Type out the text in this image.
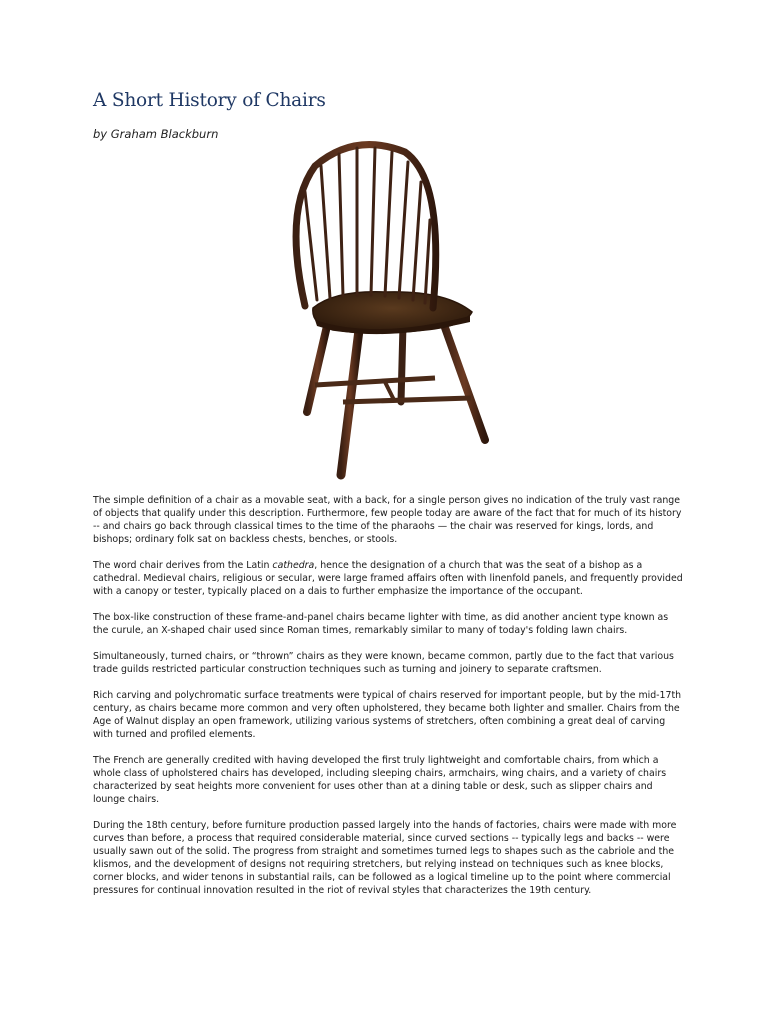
A Short History of Chairs

by Graham Blackburn

The simple definition of a chair as a movable seat, with a back, for a single person gives no indication of the truly vast range of objects that qualify under this description. Furthermore, few people today are aware of the fact that for much of its history -- and chairs go back through classical times to the time of the pharaohs — the chair was reserved for kings, lords, and bishops; ordinary folk sat on backless chests, benches, or stools.

The word chair derives from the Latin cathedra, hence the designation of a church that was the seat of a bishop as a cathedral. Medieval chairs, religious or secular, were large framed affairs often with linenfold panels, and frequently provided with a canopy or tester, typically placed on a dais to further emphasize the importance of the occupant.

The box-like construction of these frame-and-panel chairs became lighter with time, as did another ancient type known as the curule, an X-shaped chair used since Roman times, remarkably similar to many of today's folding lawn chairs.

Simultaneously, turned chairs, or “thrown” chairs as they were known, became common, partly due to the fact that various trade guilds restricted particular construction techniques such as turning and joinery to separate craftsmen.

Rich carving and polychromatic surface treatments were typical of chairs reserved for important people, but by the mid-17th century, as chairs became more common and very often upholstered, they became both lighter and smaller. Chairs from the Age of Walnut display an open framework, utilizing various systems of stretchers, often combining a great deal of carving with turned and profiled elements.

The French are generally credited with having developed the first truly lightweight and comfortable chairs, from which a whole class of upholstered chairs has developed, including sleeping chairs, armchairs, wing chairs, and a variety of chairs characterized by seat heights more convenient for uses other than at a dining table or desk, such as slipper chairs and lounge chairs.

During the 18th century, before furniture production passed largely into the hands of factories, chairs were made with more curves than before, a process that required considerable material, since curved sections -- typically legs and backs -- were usually sawn out of the solid. The progress from straight and sometimes turned legs to shapes such as the cabriole and the klismos, and the development of designs not requiring stretchers, but relying instead on techniques such as knee blocks, corner blocks, and wider tenons in substantial rails, can be followed as a logical timeline up to the point where commercial pressures for continual innovation resulted in the riot of revival styles that characterizes the 19th century.
